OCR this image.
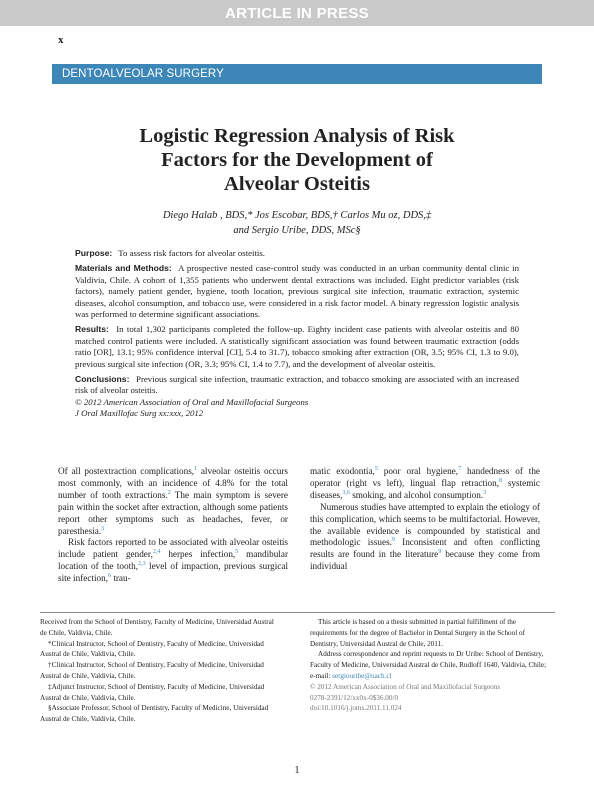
ARTICLE IN PRESS
x
DENTOALVEOLAR SURGERY
Logistic Regression Analysis of Risk
Factors for the Development of
Alveolar Osteitis
Diego Halab , BDS,* Jos Escobar, BDS,† Carlos Mu oz, DDS,‡
and Sergio Uribe, DDS, MSc§

Purpose: To assess risk factors for alveolar osteitis.

Materials and Methods: A prospective nested case-control study was conducted in an urban community dental clinic in Valdivia, Chile. A cohort of 1,355 patients who underwent dental extractions was included. Eight predictor variables (risk factors), namely patient gender, hygiene, tooth location, previous surgical site infection, traumatic extraction, systemic diseases, alcohol consumption, and tobacco use, were considered in a risk factor model. A binary regression logistic analysis was performed to determine significant associations.

Results: In total 1,302 participants completed the follow-up. Eighty incident case patients with alveolar osteitis and 80 matched control patients were included. A statistically significant association was found between traumatic extraction (odds ratio [OR], 13.1; 95% confidence interval [CI], 5.4 to 31.7), tobacco smoking after extraction (OR, 3.5; 95% CI, 1.3 to 9.0), previous surgical site infection (OR, 3.3; 95% CI, 1.4 to 7.7), and the development of alveolar osteitis.

Conclusions: Previous surgical site infection, traumatic extraction, and tobacco smoking are associated with an increased risk of alveolar osteitis.

© 2012 American Association of Oral and Maxillofacial Surgeons

J Oral Maxillofac Surg xx:xxx, 2012

Of all postextraction complications,$^1$ alveolar osteitis occurs most commonly, with an incidence of 4.8% for the total number of tooth extractions.$^2$ The main symptom is severe pain within the socket after extraction, although some patients report other symptoms such as headaches, fever, or paresthesia.$^3$

Risk factors reported to be associated with alveolar osteitis include patient gender,$^{2,4}$ herpes infection,$^5$ mandibular location of the tooth,$^{2,3}$ level of impaction, previous surgical site infection,$^6$ trau-

matic exodontia,$^5$ poor oral hygiene,$^7$ handedness of the operator (right vs left), lingual flap retraction,$^8$ systemic diseases,$^{3,6}$ smoking, and alcohol consumption.$^3$

Numerous studies have attempted to explain the etiology of this complication, which seems to be multifactorial. However, the available evidence is compounded by statistical and methodologic issues.$^9$ Inconsistent and often conflicting results are found in the literature$^9$ because they come from individual

Received from the School of Dentistry, Faculty of Medicine, Universidad Austral de Chile, Valdivia, Chile.

*Clinical Instructor, School of Dentistry, Faculty of Medicine, Universidad Austral de Chile, Valdivia, Chile.

†Clinical Instructor, School of Dentistry, Faculty of Medicine, Universidad Austral de Chile, Valdivia, Chile.

‡Adjunct Instructor, School of Dentistry, Faculty of Medicine, Universidad Austral de Chile, Valdivia, Chile.

§Associate Professor, School of Dentistry, Faculty of Medicine, Universidad Austral de Chile, Valdivia, Chile.

This article is based on a thesis submitted in partial fulfillment of the requirements for the degree of Bachelor in Dental Surgery in the School of Dentistry, Universidad Austral de Chile, 2011.

Address correspondence and reprint requests to Dr Uribe: School of Dentistry, Faculty of Medicine, Universidad Austral de Chile, Rudloff 1640, Valdivia, Chile; e-mail: sergiouribe@uach.cl

© 2012 American Association of Oral and Maxillofacial Surgeons

0278-2391/12/xx0x-0$36.00/0

doi:10.1016/j.joms.2011.11.024

1
